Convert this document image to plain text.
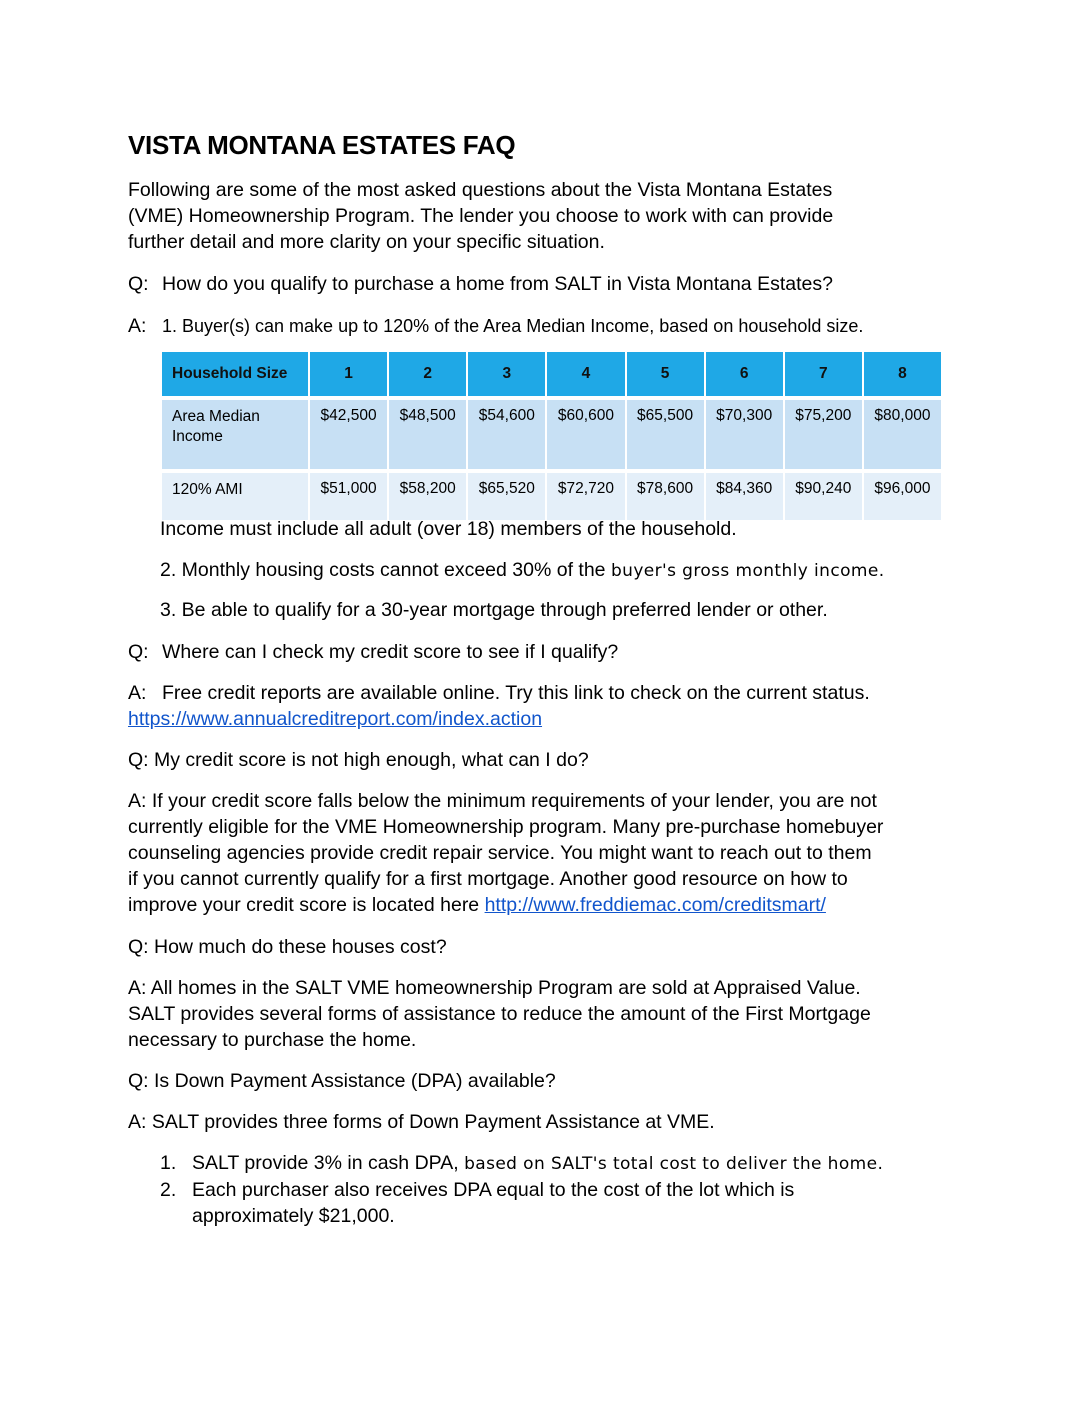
VISTA MONTANA ESTATES FAQ
Following are some of the most asked questions about the Vista Montana Estates
(VME) Homeownership Program. The lender you choose to work with can provide
further detail and more clarity on your specific situation.
Q: How do you qualify to purchase a home from SALT in Vista Montana Estates?
A: 1. Buyer(s) can make up to 120% of the Area Median Income, based on household size.
Household Size	1	2	3	4	5	6	7	8
Area Median
Income	$42,500	$48,500	$54,600	$60,600	$65,500	$70,300	$75,200	$80,000
120% AMI	$51,000	$58,200	$65,520	$72,720	$78,600	$84,360	$90,240	$96,000
Income must include all adult (over 18) members of the household.
2. Monthly housing costs cannot exceed 30% of the buyer's gross monthly income.
3. Be able to qualify for a 30-year mortgage through preferred lender or other.
Q: Where can I check my credit score to see if I qualify?
A: Free credit reports are available online. Try this link to check on the current status.
https://www.annualcreditreport.com/index.action
Q: My credit score is not high enough, what can I do?
A: If your credit score falls below the minimum requirements of your lender, you are not
currently eligible for the VME Homeownership program. Many pre-purchase homebuyer
counseling agencies provide credit repair service. You might want to reach out to them
if you cannot currently qualify for a first mortgage. Another good resource on how to
improve your credit score is located here http://www.freddiemac.com/creditsmart/
Q: How much do these houses cost?
A: All homes in the SALT VME homeownership Program are sold at Appraised Value.
SALT provides several forms of assistance to reduce the amount of the First Mortgage
necessary to purchase the home.
Q: Is Down Payment Assistance (DPA) available?
A: SALT provides three forms of Down Payment Assistance at VME.
1. SALT provide 3% in cash DPA, based on SALT's total cost to deliver the home.
2. Each purchaser also receives DPA equal to the cost of the lot which is
approximately $21,000.
